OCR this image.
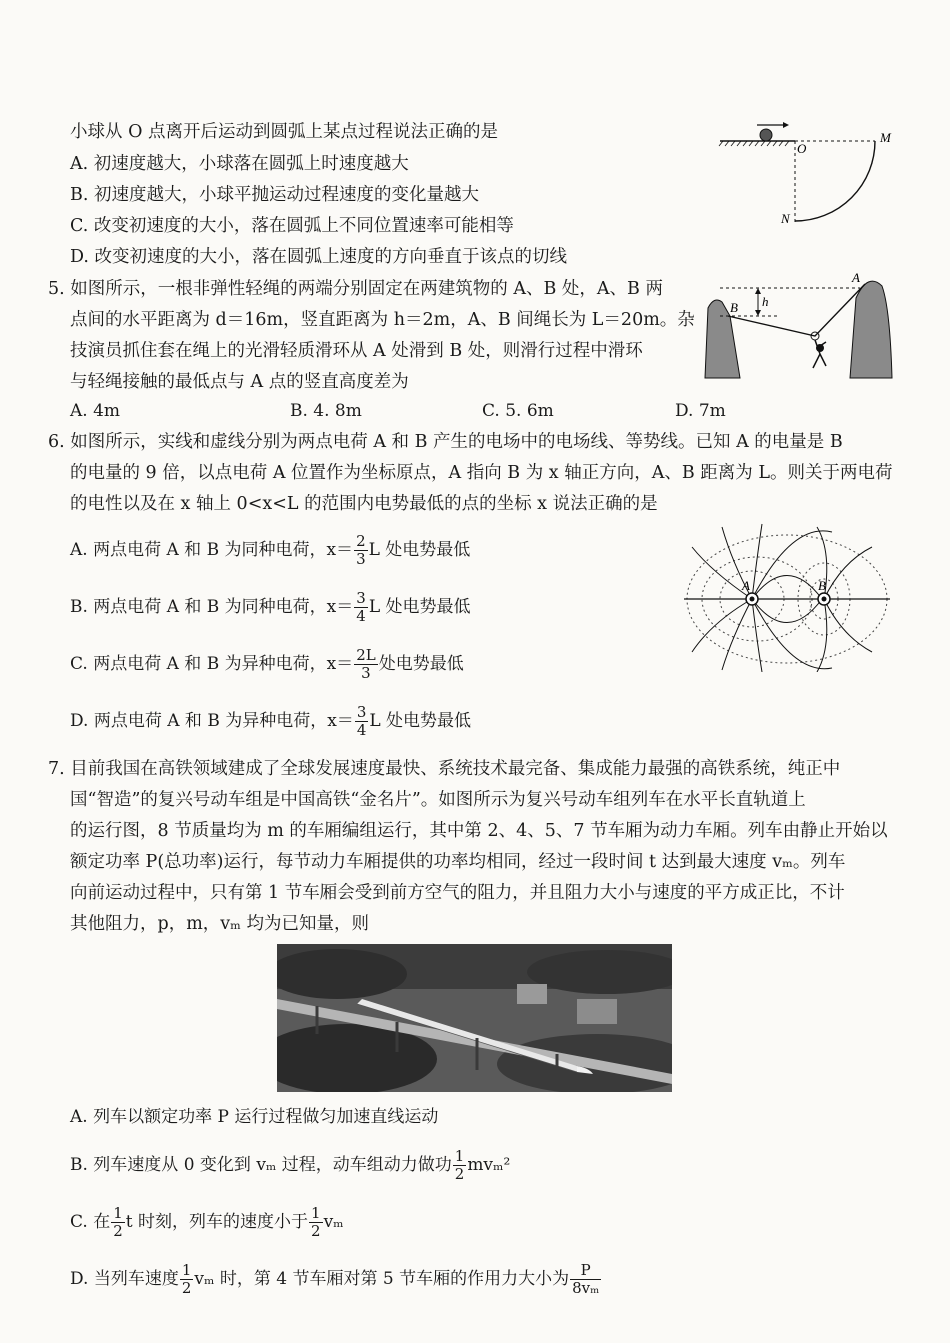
小球从 O 点离开后运动到圆弧上某点过程说法正确的是
A. 初速度越大，小球落在圆弧上时速度越大
B. 初速度越大，小球平抛运动过程速度的变化量越大
C. 改变初速度的大小，落在圆弧上不同位置速率可能相等
D. 改变初速度的大小，落在圆弧上速度的方向垂直于该点的切线
O
M
N
5. 如图所示，一根非弹性轻绳的两端分别固定在两建筑物的 A、B 处，A、B 两
点间的水平距离为 d＝16m，竖直距离为 h＝2m，A、B 间绳长为 L＝20m。杂
技演员抓住套在绳上的光滑轻质滑环从 A 处滑到 B 处，则滑行过程中滑环
与轻绳接触的最低点与 A 点的竖直高度差为
A. 4m	B. 4. 8m	C. 5. 6m	D. 7m
A
B h
6. 如图所示，实线和虚线分别为两点电荷 A 和 B 产生的电场中的电场线、等势线。已知 A 的电量是 B
的电量的 9 倍，以点电荷 A 位置作为坐标原点，A 指向 B 为 x 轴正方向，A、B 距离为 L。则关于两电荷
的电性以及在 x 轴上 0<x<L 的范围内电势最低的点的坐标 x 说法正确的是
A. 两点电荷 A 和 B 为同种电荷，$x= \frac{2}{3}$ L 处电势最低
B. 两点电荷 A 和 B 为同种电荷，$x= \frac{3}{4}$ L 处电势最低
C. 两点电荷 A 和 B 为异种电荷，$x= \frac{2L}{3}$ 处电势最低
D. 两点电荷 A 和 B 为异种电荷，$x= \frac{3}{4}$ L 处电势最低
A	B
7. 目前我国在高铁领域建成了全球发展速度最快、系统技术最完备、集成能力最强的高铁系统，纯正中
国“智造”的复兴号动车组是中国高铁“金名片”。如图所示为复兴号动车组列车在水平长直轨道上
的运行图，8 节质量均为 m 的车厢编组运行，其中第 2、4、5、7 节车厢为动力车厢。列车由静止开始以
额定功率 P(总功率)运行，每节动力车厢提供的功率均相同，经过一段时间 t 达到最大速度 vₘ。列车
向前运动过程中，只有第 1 节车厢会受到前方空气的阻力，并且阻力大小与速度的平方成正比，不计
其他阻力，p，m，vₘ 均为已知量，则
A. 列车以额定功率 P 运行过程做匀加速直线运动
B. 列车速度从 0 变化到 vₘ 过程，动车组动力做功 $\frac{1}{2} mv_m^2$
C. 在 $\frac{1}{2}$ t 时刻，列车的速度小于 $\frac{1}{2}$ vₘ
D. 当列车速度 $\frac{1}{2}$ vₘ 时，第 4 节车厢对第 5 节车厢的作用力大小为 $\frac{P}{\text{8vₘ}}$
